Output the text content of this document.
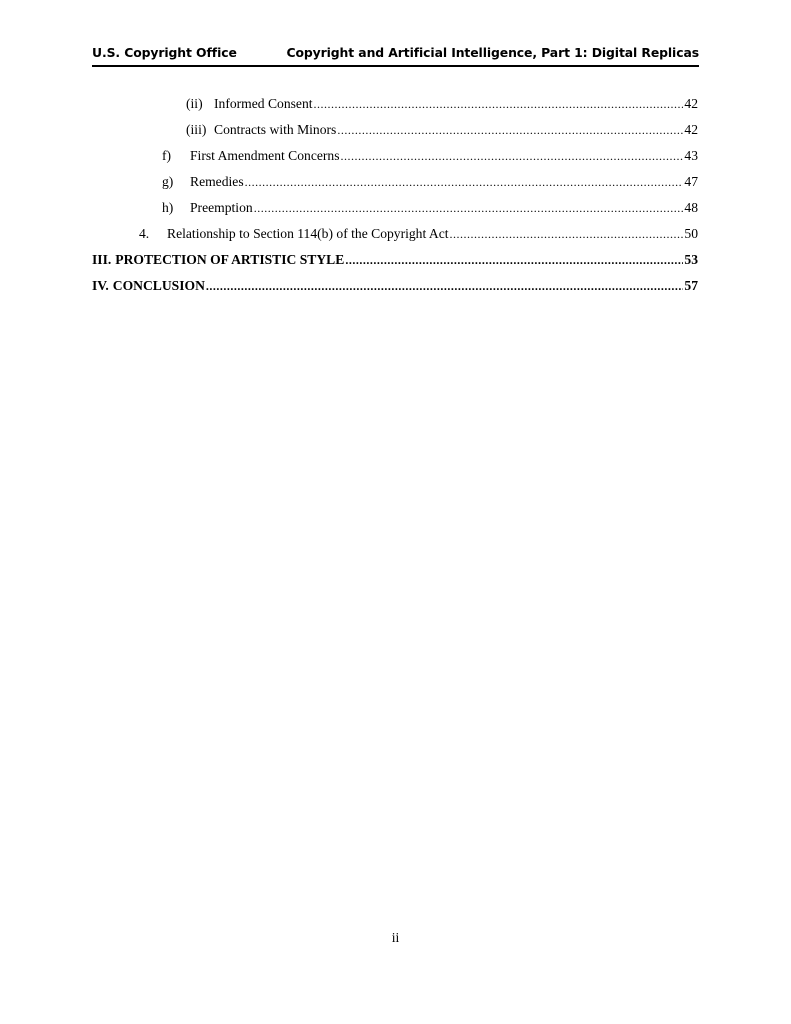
U.S. Copyright Office	Copyright and Artificial Intelligence, Part 1: Digital Replicas
(ii) Informed Consent .....	42
(iii) Contracts with Minors .....	42
f)	First Amendment Concerns .....	43
g)	Remedies .....	47
h)	Preemption .....	48
4.	Relationship to Section 114(b) of the Copyright Act .....	50
III. PROTECTION OF ARTISTIC STYLE .....	53
IV. CONCLUSION .....	57
ii
